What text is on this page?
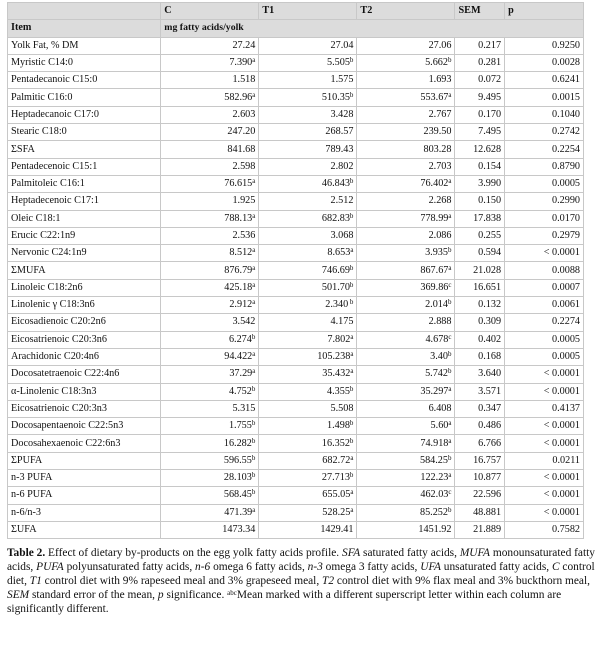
	C	T1	T2	SEM	p
Item	mg fatty acids/yolk				
Yolk Fat, % DM	27.24	27.04	27.06	0.217	0.9250
Myristic C14:0	7.390$^a$	5.505$^b$	5.662$^b$	0.281	0.0028
Pentadecanoic C15:0	1.518	1.575	1.693	0.072	0.6241
Palmitic C16:0	582.96$^a$	510.35$^b$	553.67$^a$	9.495	0.0015
Heptadecanoic C17:0	2.603	3.428	2.767	0.170	0.1040
Stearic C18:0	247.20	268.57	239.50	7.495	0.2742
ΣSFA	841.68	789.43	803.28	12.628	0.2254
Pentadecenoic C15:1	2.598	2.802	2.703	0.154	0.8790
Palmitoleic C16:1	76.615$^a$	46.843$^b$	76.402$^a$	3.990	0.0005
Heptadecenoic C17:1	1.925	2.512	2.268	0.150	0.2990
Oleic C18:1	788.13$^a$	682.83$^b$	778.99$^a$	17.838	0.0170
Erucic C22:1n9	2.536	3.068	2.086	0.255	0.2979
Nervonic C24:1n9	8.512$^a$	8.653$^a$	3.935$^b$	0.594	< 0.0001
ΣMUFA	876.79$^a$	746.69$^b$	867.67$^a$	21.028	0.0088
Linoleic C18:2n6	425.18$^a$	501.70$^b$	369.86$^c$	16.651	0.0007
Linolenic γ C18:3n6	2.912$^a$	2.340 $^b$	2.014$^b$	0.132	0.0061
Eicosadienoic C20:2n6	3.542	4.175	2.888	0.309	0.2274
Eicosatrienoic C20:3n6	6.274$^b$	7.802$^a$	4.678$^c$	0.402	0.0005
Arachidonic C20:4n6	94.422$^a$	105.238$^a$	3.40$^b$	0.168	0.0005
Docosatetraenoic C22:4n6	37.29$^a$	35.432$^a$	5.742$^b$	3.640	< 0.0001
α-Linolenic C18:3n3	4.752$^b$	4.355$^b$	35.297$^a$	3.571	< 0.0001
Eicosatrienoic C20:3n3	5.315	5.508	6.408	0.347	0.4137
Docosapentaenoic C22:5n3	1.755$^b$	1.498$^b$	5.60$^a$	0.486	< 0.0001
Docosahexaenoic C22:6n3	16.282$^b$	16.352$^b$	74.918$^a$	6.766	< 0.0001
ΣPUFA	596.55$^b$	682.72$^a$	584.25$^b$	16.757	0.0211
n-3 PUFA	28.103$^b$	27.713$^b$	122.23$^a$	10.877	< 0.0001
n-6 PUFA	568.45$^b$	655.05$^a$	462.03$^c$	22.596	< 0.0001
n-6/n-3	471.39$^a$	528.25$^a$	85.252$^b$	48.881	< 0.0001
ΣUFA	1473.34	1429.41	1451.92	21.889	0.7582
Table 2. Effect of dietary by-products on the egg yolk fatty acids profile. SFA saturated fatty acids, MUFA monounsaturated fatty acids, PUFA polyunsaturated fatty acids, n-6 omega 6 fatty acids, n-3 omega 3 fatty acids, UFA unsaturated fatty acids, C control diet, T1 control diet with 9% rapeseed meal and 3% grapeseed meal, T2 control diet with 9% flax meal and 3% buckthorn meal, SEM standard error of the mean, p significance. $^{abc}$Mean marked with a different superscript letter within each column are significantly different.
